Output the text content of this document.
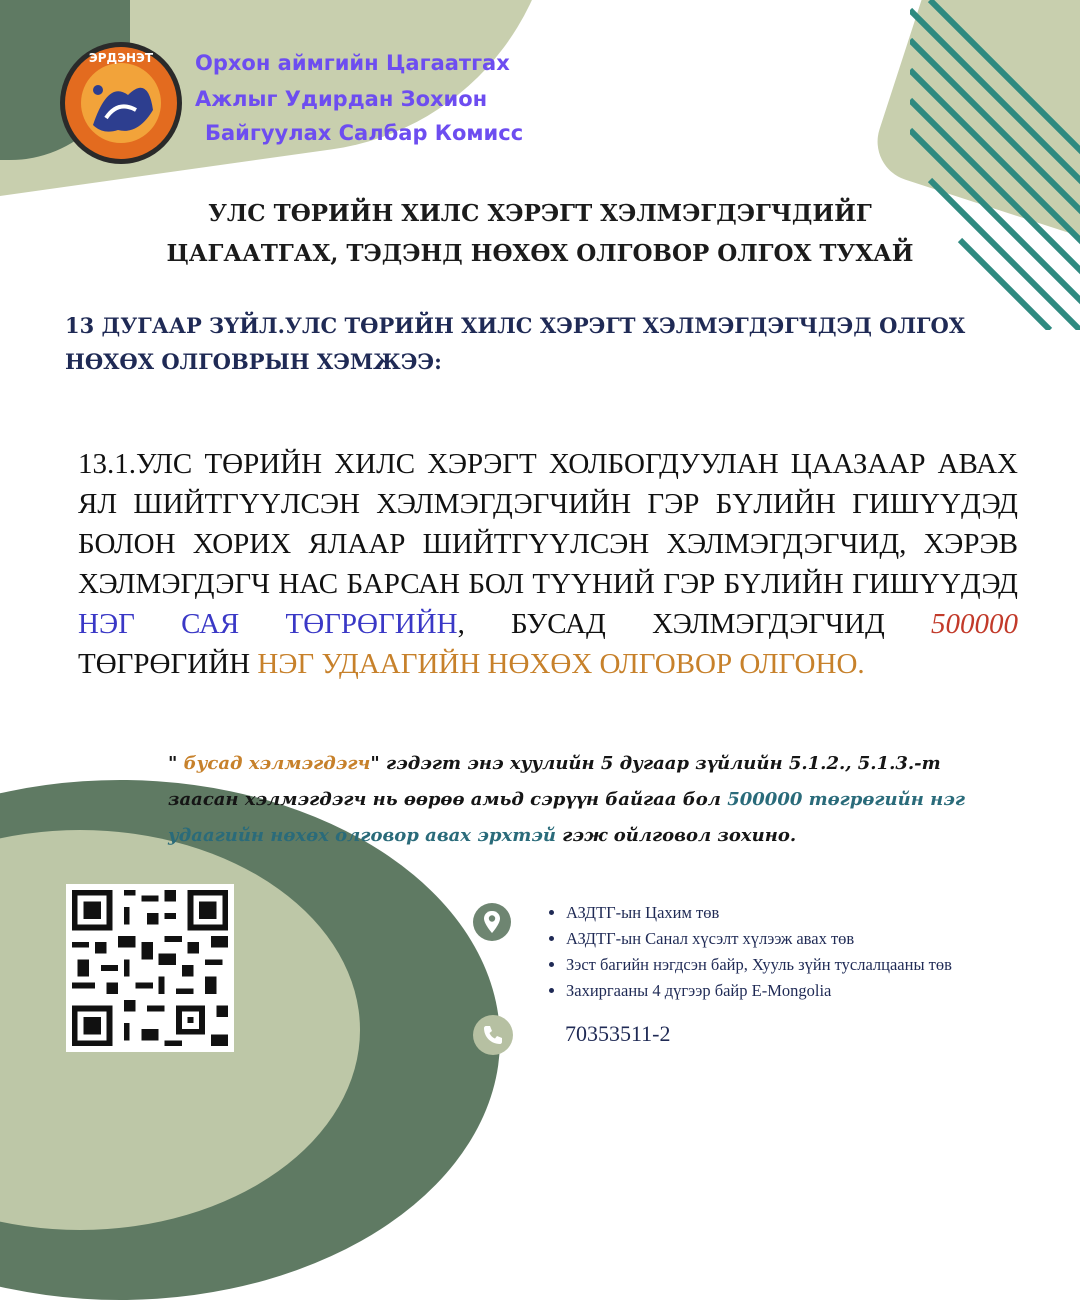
ЭРДЭНЭТ Орхон аймгийн Цагаатгах
Ажлыг Удирдан Зохион
Байгуулах Салбар Комисс
УЛС ТӨРИЙН ХИЛС ХЭРЭГТ ХЭЛМЭГДЭГЧДИЙГ
ЦАГААТГАХ, ТЭДЭНД НӨХӨХ ОЛГОВОР ОЛГОХ ТУХАЙ
13 ДУГААР ЗҮЙЛ.УЛС ТӨРИЙН ХИЛС ХЭРЭГТ ХЭЛМЭГДЭГЧДЭД ОЛГОХ
НӨХӨХ ОЛГОВРЫН ХЭМЖЭЭ:
13.1.УЛС ТӨРИЙН ХИЛС ХЭРЭГТ ХОЛБОГДУУЛАН ЦААЗААР АВАХ
ЯЛ ШИЙТГҮҮЛСЭН ХЭЛМЭГДЭГЧИЙН ГЭР БҮЛИЙН ГИШҮҮДЭД
БОЛОН ХОРИХ ЯЛААР ШИЙТГҮҮЛСЭН ХЭЛМЭГДЭГЧИД, ХЭРЭВ
ХЭЛМЭГДЭГЧ НАС БАРСАН БОЛ ТҮҮНИЙ ГЭР БҮЛИЙН ГИШҮҮДЭД
НЭГ САЯ ТӨГРӨГИЙН, БУСАД ХЭЛМЭГДЭГЧИД 500000
ТӨГРӨГИЙН НЭГ УДААГИЙН НӨХӨХ ОЛГОВОР ОЛГОНО.
" бусад хэлмэгдэгч" гэдэгт энэ хуулийн 5 дугаар зүйлийн 5.1.2., 5.1.3.-т
заасан хэлмэгдэгч нь өөрөө амьд сэрүүн байгаа бол 500000 төгрөгийн нэг
удаагийн нөхөх олговор авах эрхтэй гэж ойлговол зохино.
• АЗДТГ-ын Цахим төв
• АЗДТГ-ын Санал хүсэлт хүлээж авах төв
• Зэст багийн нэгдсэн байр, Хууль зүйн туслалцааны төв
• Захиргааны 4 дүгээр байр E-Mongolia
70353511-2
